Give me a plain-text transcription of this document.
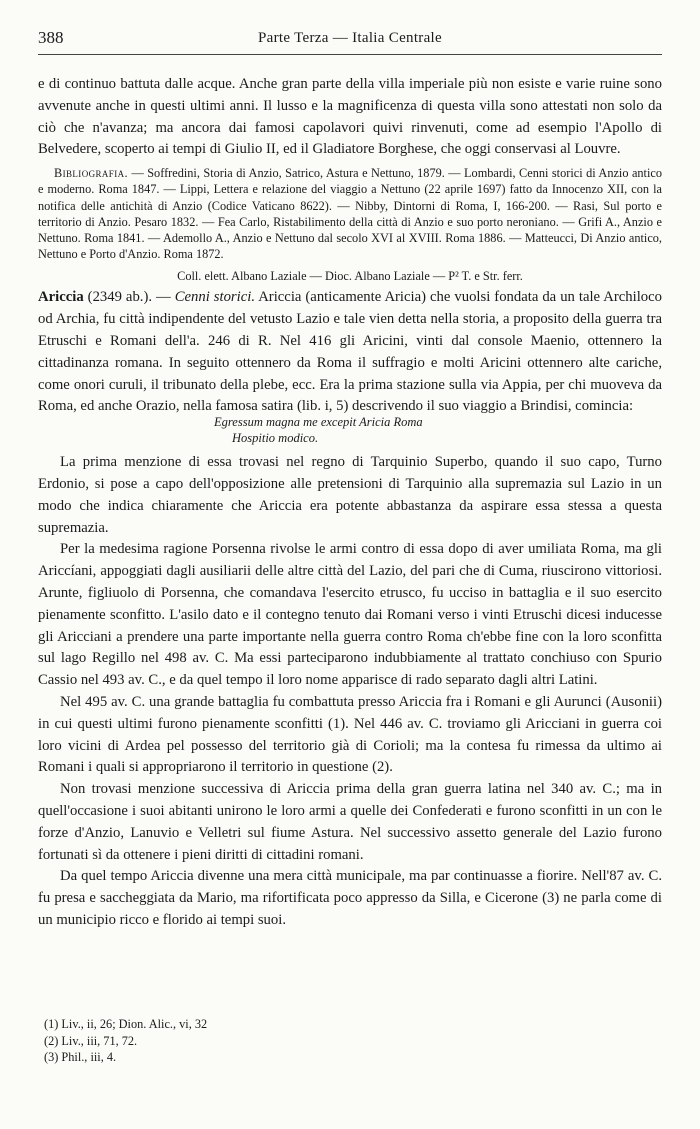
388	Parte Terza — Italia Centrale

e di continuo battuta dalle acque. Anche gran parte della villa imperiale più non esiste e varie ruine sono avvenute anche in questi ultimi anni. Il lusso e la magnificenza di questa villa sono attestati non solo da ciò che n'avanza; ma ancora dai famosi capolavori quivi rinvenuti, come ad esempio l'Apollo di Belvedere, scoperto ai tempi di Giulio II, ed il Gladiatore Borghese, che oggi conservasi al Louvre.

Bibliografia. — Soffredini, Storia di Anzio, Satrico, Astura e Nettuno, 1879. — Lombardi, Cenni storici di Anzio antico e moderno. Roma 1847. — Lippi, Lettera e relazione del viaggio a Nettuno (22 aprile 1697) fatto da Innocenzo XII, con la notifica delle antichità di Anzio (Codice Vaticano 8622). — Nibby, Dintorni di Roma, I, 166-200. — Rasi, Sul porto e territorio di Anzio. Pesaro 1832. — Fea Carlo, Ristabilimento della città di Anzio e suo porto neroniano. — Grifi A., Anzio e Nettuno. Roma 1841. — Ademollo A., Anzio e Nettuno dal secolo XVI al XVIII. Roma 1886. — Matteucci, Di Anzio antico, Nettuno e Porto d'Anzio. Roma 1872.

Coll. elett. Albano Laziale — Dioc. Albano Laziale — P² T. e Str. ferr.

Ariccia (2349 ab.). — Cenni storici. Ariccia (anticamente Aricia) che vuolsi fondata da un tale Archiloco od Archia, fu città indipendente del vetusto Lazio e tale vien detta nella storia, a proposito della guerra tra Etruschi e Romani dell'a. 246 di R. Nel 416 gli Aricini, vinti dal console Maenio, ottennero la cittadinanza romana. In seguito ottennero da Roma il suffragio e molti Aricini ottennero alte cariche, come onori curuli, il tribunato della plebe, ecc. Era la prima stazione sulla via Appia, per chi muoveva da Roma, ed anche Orazio, nella famosa satira (lib. i, 5) descrivendo il suo viaggio a Brindisi, comincia:

Egressum magna me excepit Aricia Roma
Hospitio modico.

La prima menzione di essa trovasi nel regno di Tarquinio Superbo, quando il suo capo, Turno Erdonio, si pose a capo dell'opposizione alle pretensioni di Tarquinio alla supremazia sul Lazio in un modo che indica chiaramente che Ariccia era potente abbastanza da aspirare essa stessa a questa supremazia.

Per la medesima ragione Porsenna rivolse le armi contro di essa dopo di aver umiliata Roma, ma gli Ariccíani, appoggiati dagli ausiliarii delle altre città del Lazio, del pari che di Cuma, riuscirono vittoriosi. Arunte, figliuolo di Porsenna, che comandava l'esercito etrusco, fu ucciso in battaglia e il suo esercito pienamente sconfitto. L'asilo dato e il contegno tenuto dai Romani verso i vinti Etruschi dicesi inducesse gli Aricciani a prendere una parte importante nella guerra contro Roma ch'ebbe fine con la loro sconfitta sul lago Regillo nel 498 av. C. Ma essi parteciparono indubbiamente al trattato conchiuso con Spurio Cassio nel 493 av. C., e da quel tempo il loro nome apparisce di rado separato dagli altri Latini.

Nel 495 av. C. una grande battaglia fu combattuta presso Ariccia fra i Romani e gli Aurunci (Ausonii) in cui questi ultimi furono pienamente sconfitti (1). Nel 446 av. C. troviamo gli Aricciani in guerra coi loro vicini di Ardea pel possesso del territorio già di Corioli; ma la contesa fu rimessa da ultimo ai Romani i quali si appropriarono il territorio in questione (2).

Non trovasi menzione successiva di Ariccia prima della gran guerra latina nel 340 av. C.; ma in quell'occasione i suoi abitanti unirono le loro armi a quelle dei Confederati e furono sconfitti in un con le forze d'Anzio, Lanuvio e Velletri sul fiume Astura. Nel successivo assetto generale del Lazio furono fortunati sì da ottenere i pieni diritti di cittadini romani.

Da quel tempo Ariccia divenne una mera città municipale, ma par continuasse a fiorire. Nell'87 av. C. fu presa e saccheggiata da Mario, ma rifortificata poco appresso da Silla, e Cicerone (3) ne parla come di un municipio ricco e florido ai tempi suoi.

(1) Liv., ii, 26; Dion. Alic., vi, 32
(2) Liv., iii, 71, 72.
(3) Phil., iii, 4.
